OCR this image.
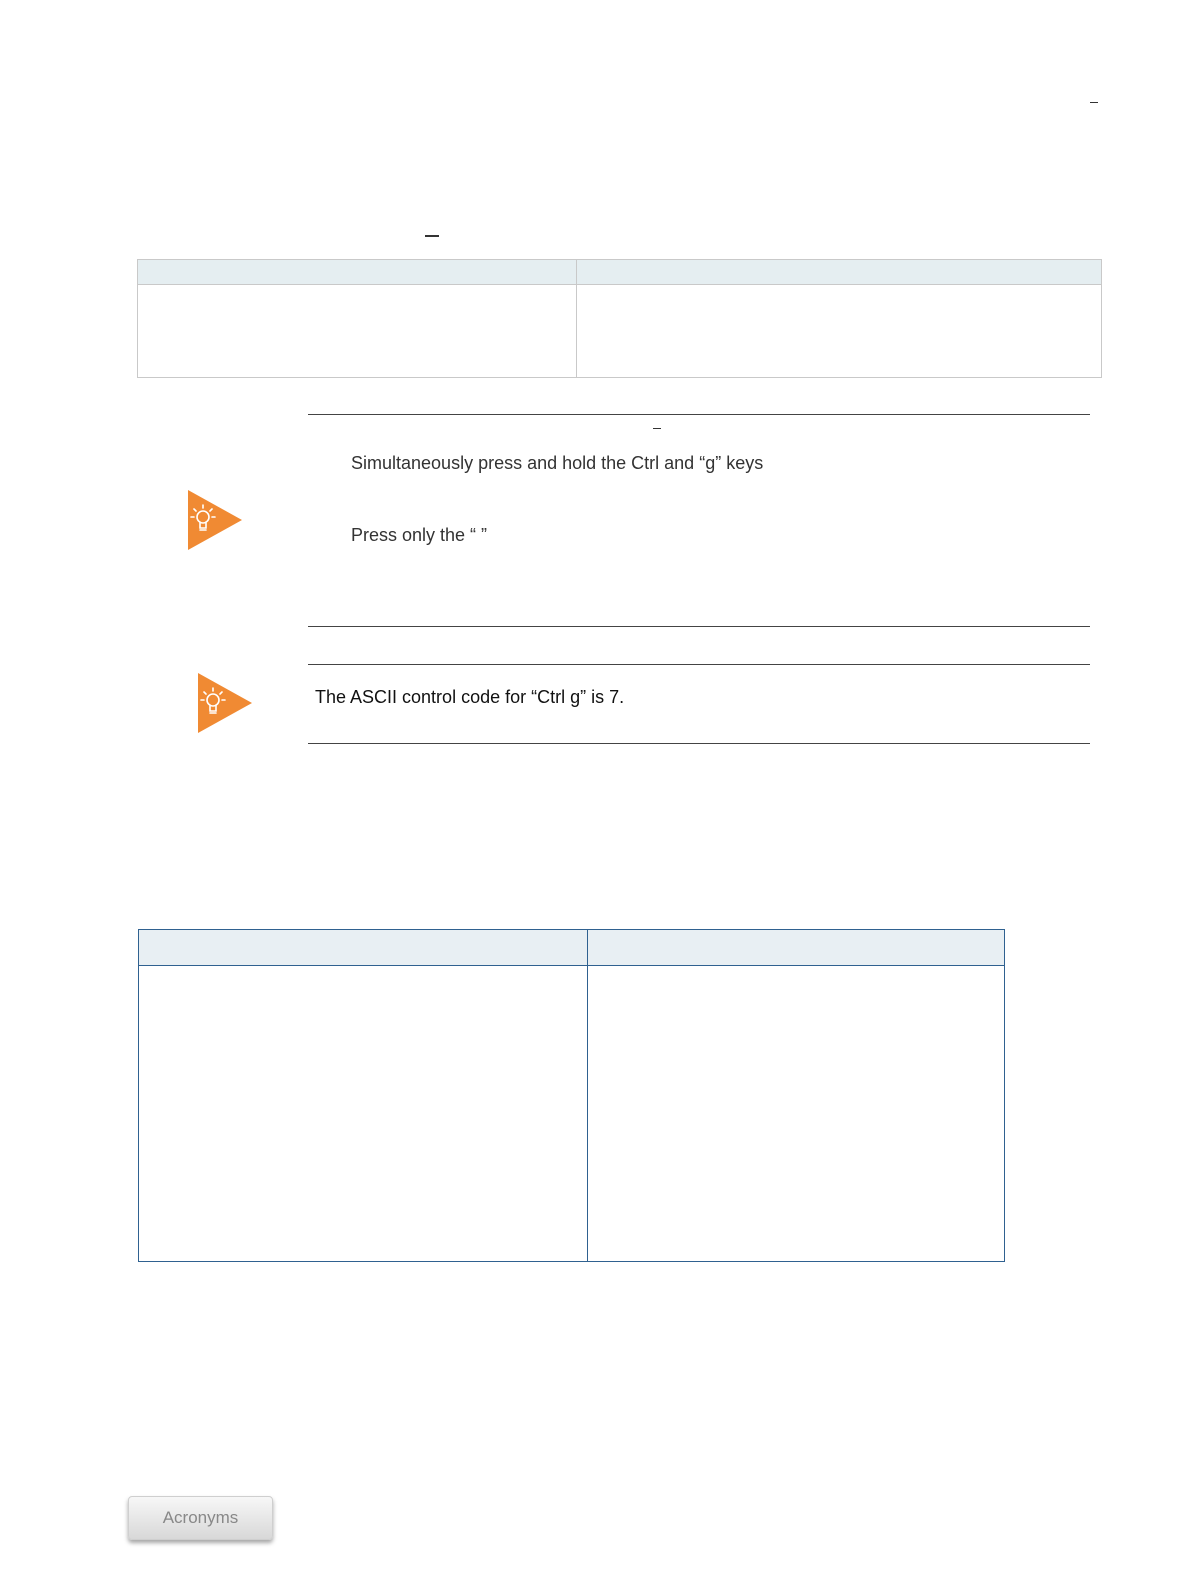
Simultaneously press and hold the Ctrl and “g” keys
Press only the “ ”
The ASCII control code for “Ctrl g” is 7.

Acronyms
